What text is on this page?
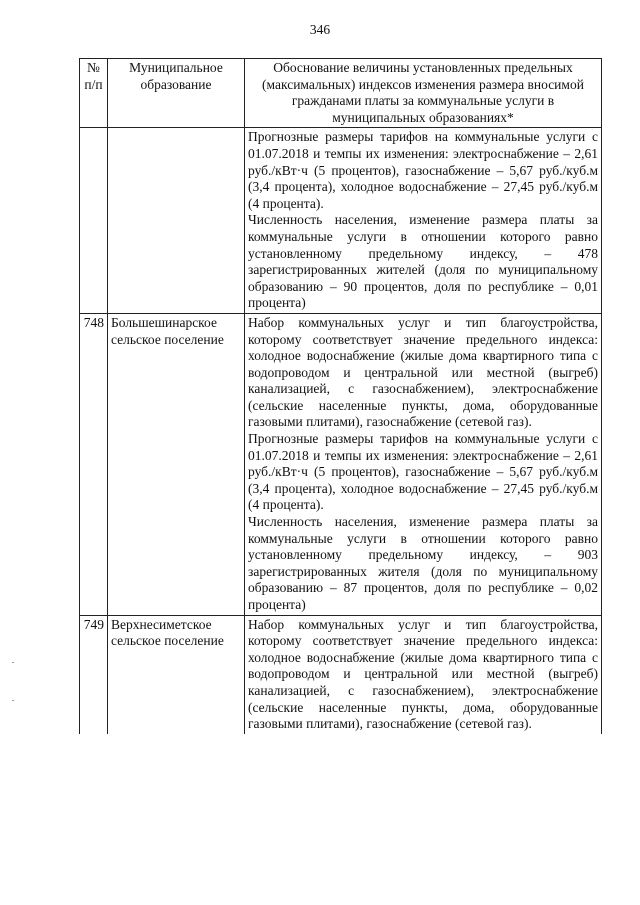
346
№ п/п	Муниципальное образование	Обоснование величины установленных предельных (максимальных) индексов изменения размера вносимой гражданами платы за коммунальные услуги в муниципальных образованиях*

		Прогнозные размеры тарифов на коммунальные услуги с 01.07.2018 и темпы их изменения: электроснабжение – 2,61 руб./кВт·ч (5 процентов), газоснабжение – 5,67 руб./куб.м (3,4 процента), холодное водоснабжение – 27,45 руб./куб.м (4 процента).

Численность населения, изменение размера платы за коммунальные услуги в отношении которого равно установленному предельному индексу, – 478 зарегистрированных жителей (доля по муниципальному образованию – 90 процентов, доля по республике – 0,01 процента)

748	Большешинарское сельское поселение	Набор коммунальных услуг и тип благоустройства, которому соответствует значение предельного индекса: холодное водоснабжение (жилые дома квартирного типа с водопроводом и центральной или местной (выгреб) канализацией, с газоснабжением), электроснабжение (сельские населенные пункты, дома, оборудованные газовыми плитами), газоснабжение (сетевой газ).

Прогнозные размеры тарифов на коммунальные услуги с 01.07.2018 и темпы их изменения: электроснабжение – 2,61 руб./кВт·ч (5 процентов), газоснабжение – 5,67 руб./куб.м (3,4 процента), холодное водоснабжение – 27,45 руб./куб.м (4 процента).

Численность населения, изменение размера платы за коммунальные услуги в отношении которого равно установленному предельному индексу, – 903 зарегистрированных жителя (доля по муниципальному образованию – 87 процентов, доля по республике – 0,02 процента)

749	Верхнесиметское сельское поселение	Набор коммунальных услуг и тип благоустройства, которому соответствует значение предельного индекса: холодное водоснабжение (жилые дома квартирного типа с водопроводом и центральной или местной (выгреб) канализацией, с газоснабжением), электроснабжение (сельские населенные пункты, дома, оборудованные газовыми плитами), газоснабжение (сетевой газ).
